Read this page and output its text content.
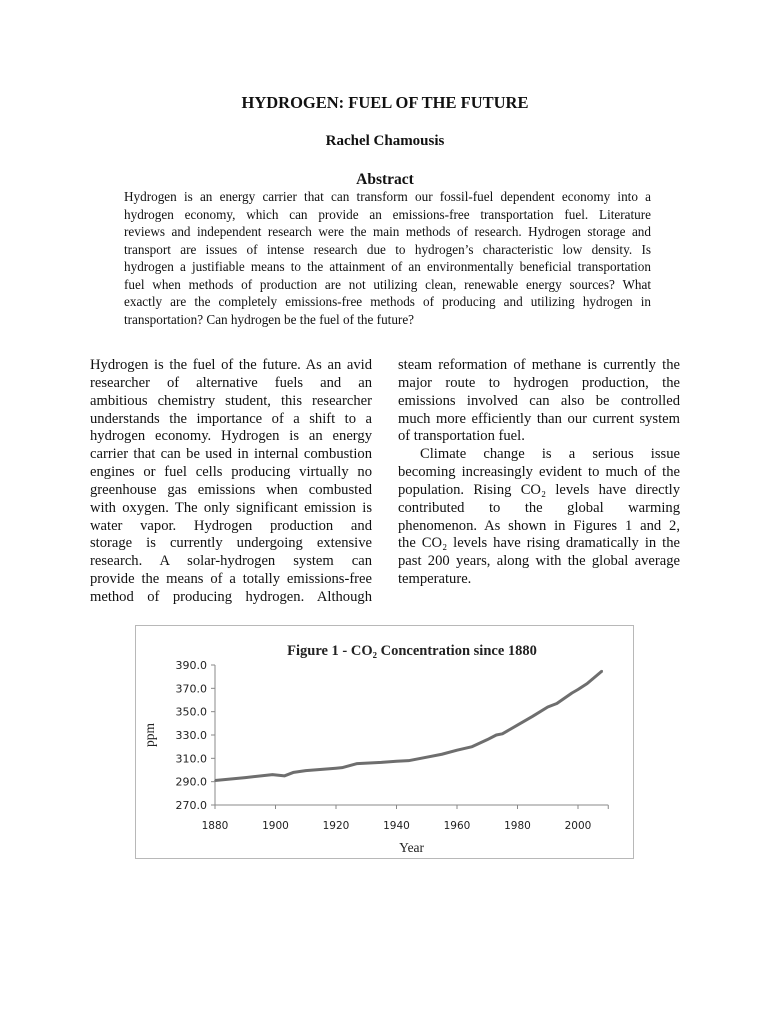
HYDROGEN: FUEL OF THE FUTURE
Rachel Chamousis
Abstract
Hydrogen is an energy carrier that can transform our fossil-fuel dependent economy into a
hydrogen economy, which can provide an emissions-free transportation fuel. Literature
reviews and independent research were the main methods of research. Hydrogen storage and
transport are issues of intense research due to hydrogen’s characteristic low density. Is
hydrogen a justifiable means to the attainment of an environmentally beneficial transportation
fuel when methods of production are not utilizing clean, renewable energy sources? What
exactly are the completely emissions-free methods of producing and utilizing hydrogen in
transportation? Can hydrogen be the fuel of the future?
Hydrogen is the fuel of the future. As an avid
researcher of alternative fuels and an
ambitious chemistry student, this researcher
understands the importance of a shift to a
hydrogen economy. Hydrogen is an energy
carrier that can be used in internal combustion
engines or fuel cells producing virtually no
greenhouse gas emissions when combusted
with oxygen. The only significant emission is
water vapor. Hydrogen production and
storage is currently undergoing extensive
research. A solar-hydrogen system can
provide the means of a totally emissions-free
method of producing hydrogen. Although
steam reformation of methane is currently the
major route to hydrogen production, the
emissions involved can also be controlled
much more efficiently than our current system
of transportation fuel.
Climate change is a serious issue
becoming increasingly evident to much of the
population. Rising CO₂ levels have directly
contributed to the global warming
phenomenon. As shown in Figures 1 and 2,
the CO₂ levels have rising dramatically in the
past 200 years, along with the global average
temperature.
Figure 1 - CO₂ Concentration since 1880
390.0
370.0
350.0
330.0
310.0
290.0
270.0
1880	1900	1920	1940	1960	1980	2000
Year
ppm
